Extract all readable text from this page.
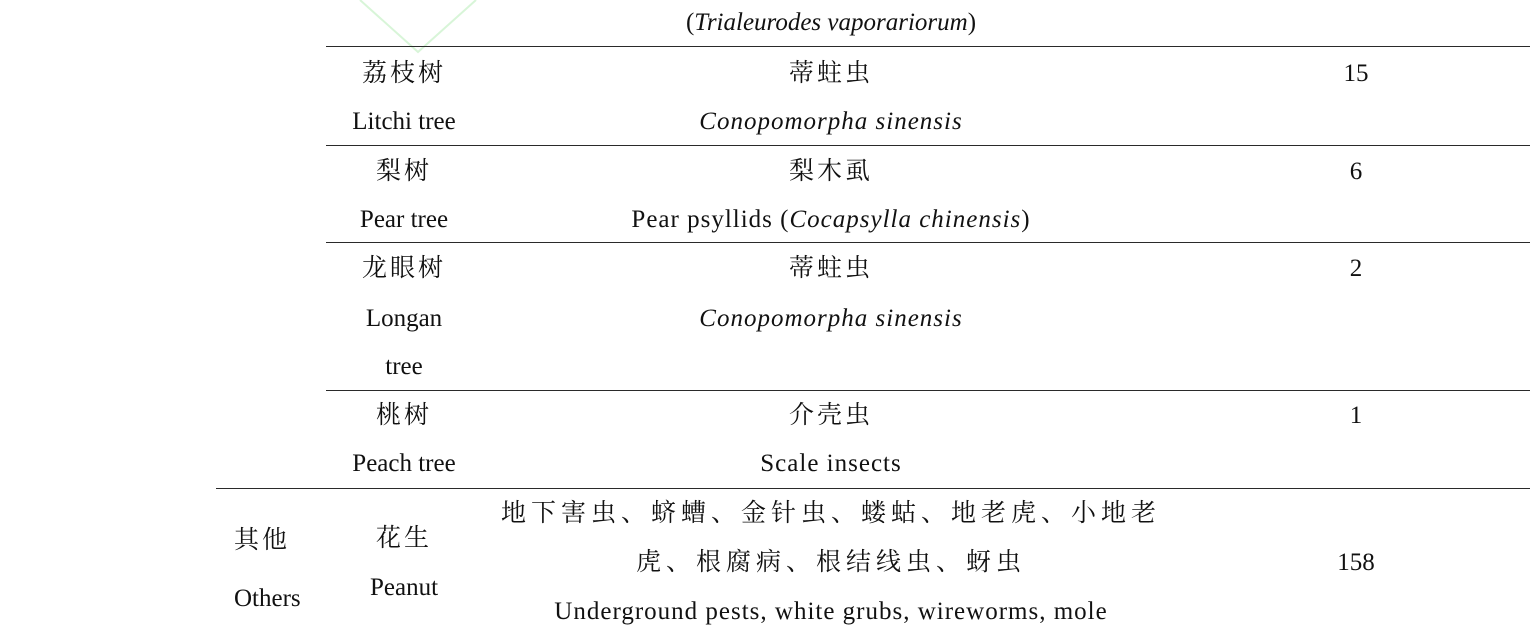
(Trialeurodes vaporariorum)
荔枝树
Litchi tree
蒂蛀虫
Conopomorpha sinensis
15
梨树
Pear tree
梨木虱
Pear psyllids (Cocapsylla chinensis)
6
龙眼树
Longan
tree
蒂蛀虫
Conopomorpha sinensis
2
桃树
Peach tree
介壳虫
Scale insects
1
其他
Others
花生
Peanut
地下害虫、蛴螬、金针虫、蝼蛄、地老虎、小地老
虎、根腐病、根结线虫、蚜虫
Underground pests, white grubs, wireworms, mole
158
